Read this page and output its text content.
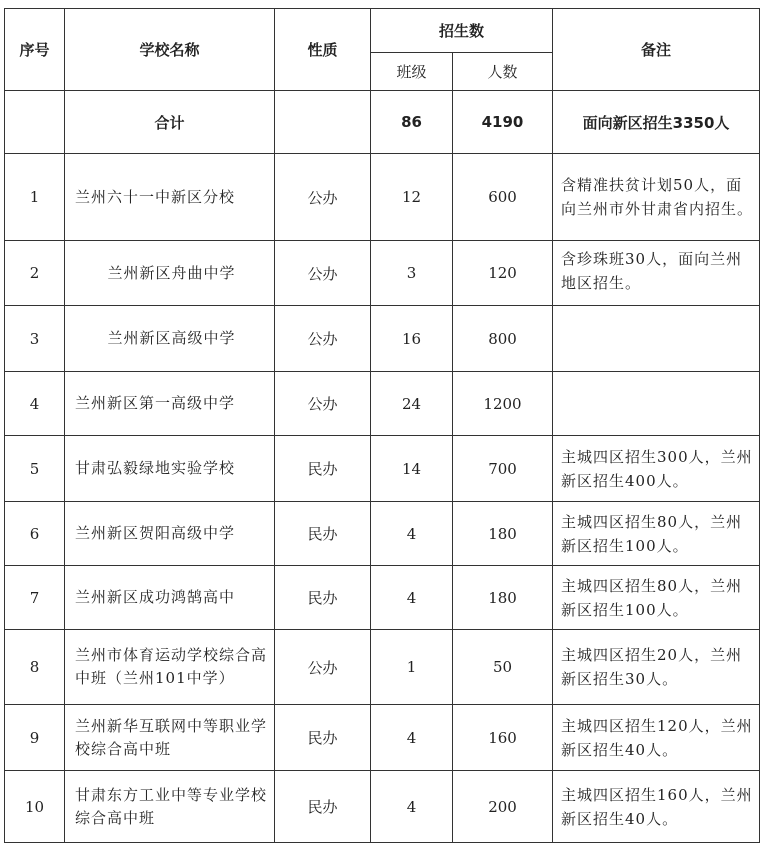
序号	学校名称	性质	招生数		备注
			班级	人数	
	合计		86	4190	面向新区招生3350人
1	兰州六十一中新区分校	公办	12	600	含精准扶贫计划50人，面向兰州市外甘肃省内招生。
2	兰州新区舟曲中学	公办	3	120	含珍珠班30人，面向兰州地区招生。
3	兰州新区高级中学	公办	16	800	
4	兰州新区第一高级中学	公办	24	1200	
5	甘肃弘毅绿地实验学校	民办	14	700	主城四区招生300人，兰州新区招生400人。
6	兰州新区贺阳高级中学	民办	4	180	主城四区招生80人，兰州新区招生100人。
7	兰州新区成功鸿鹄高中	民办	4	180	主城四区招生80人，兰州新区招生100人。
8	兰州市体育运动学校综合高中班（兰州101中学）	公办	1	50	主城四区招生20人，兰州新区招生30人。
9	兰州新华互联网中等职业学校综合高中班	民办	4	160	主城四区招生120人，兰州新区招生40人。
10	甘肃东方工业中等专业学校综合高中班	民办	4	200	主城四区招生160人，兰州新区招生40人。
